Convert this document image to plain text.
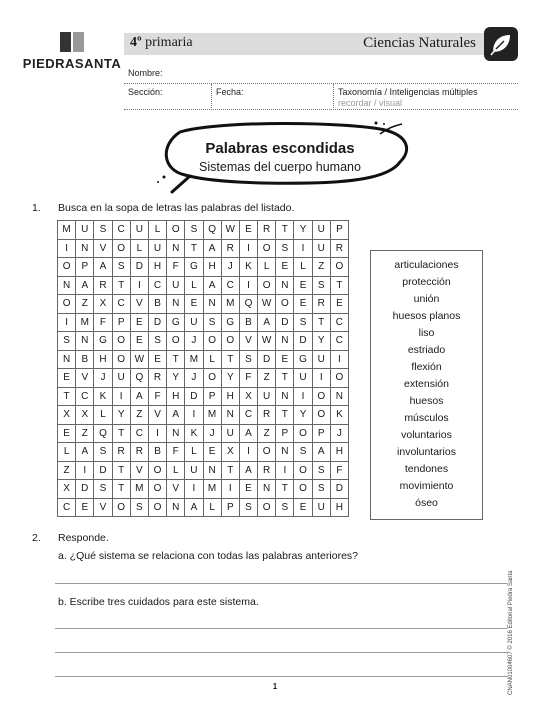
PIEDRASANTA
4º primaria	Ciencias Naturales
Nombre:
Sección:	Fecha:	Taxonomía / Inteligencias múltiples
recordar / visual
Palabras escondidas
Sistemas del cuerpo humano
1. Busca en la sopa de letras las palabras del listado.
M	U	S	C	U	L	O	S	Q	W	E	R	T	Y	U	P
I	N	V	O	L	U	N	T	A	R	I	O	S	I	U	R
O	P	A	S	D	H	F	G	H	J	K	L	E	L	Z	O
N	A	R	T	I	C	U	L	A	C	I	O	N	E	S	T
O	Z	X	C	V	B	N	E	N	M	Q	W	O	E	R	E
I	M	F	P	E	D	G	U	S	G	B	A	D	S	T	C
S	N	G	O	E	S	O	J	O	O	V	W	N	D	Y	C
N	B	H	O	W	E	T	M	L	T	S	D	E	G	U	I
E	V	J	U	Q	R	Y	J	O	Y	F	Z	T	U	I	O
T	C	K	I	A	F	H	D	P	H	X	U	N	I	O	N
X	X	L	Y	Z	V	A	I	M	N	C	R	T	Y	O	K
E	Z	Q	T	C	I	N	K	J	U	A	Z	P	O	P	J
L	A	S	R	R	B	F	L	E	X	I	O	N	S	A	H
Z	I	D	T	V	O	L	U	N	T	A	R	I	O	S	F
X	D	S	T	M	O	V	I	M	I	E	N	T	O	S	D
C	E	V	O	S	O	N	A	L	P	S	O	S	E	U	H
articulaciones
protección
unión
huesos planos
liso
estriado
flexión
extensión
huesos
músculos
voluntarios
involuntarios
tendones
movimiento
óseo
2. Responde.
a. ¿Qué sistema se relaciona con todas las palabras anteriores?
b. Escribe tres cuidados para este sistema.
1	CNAN01004607 © 2016 Editorial Piedra Santa
